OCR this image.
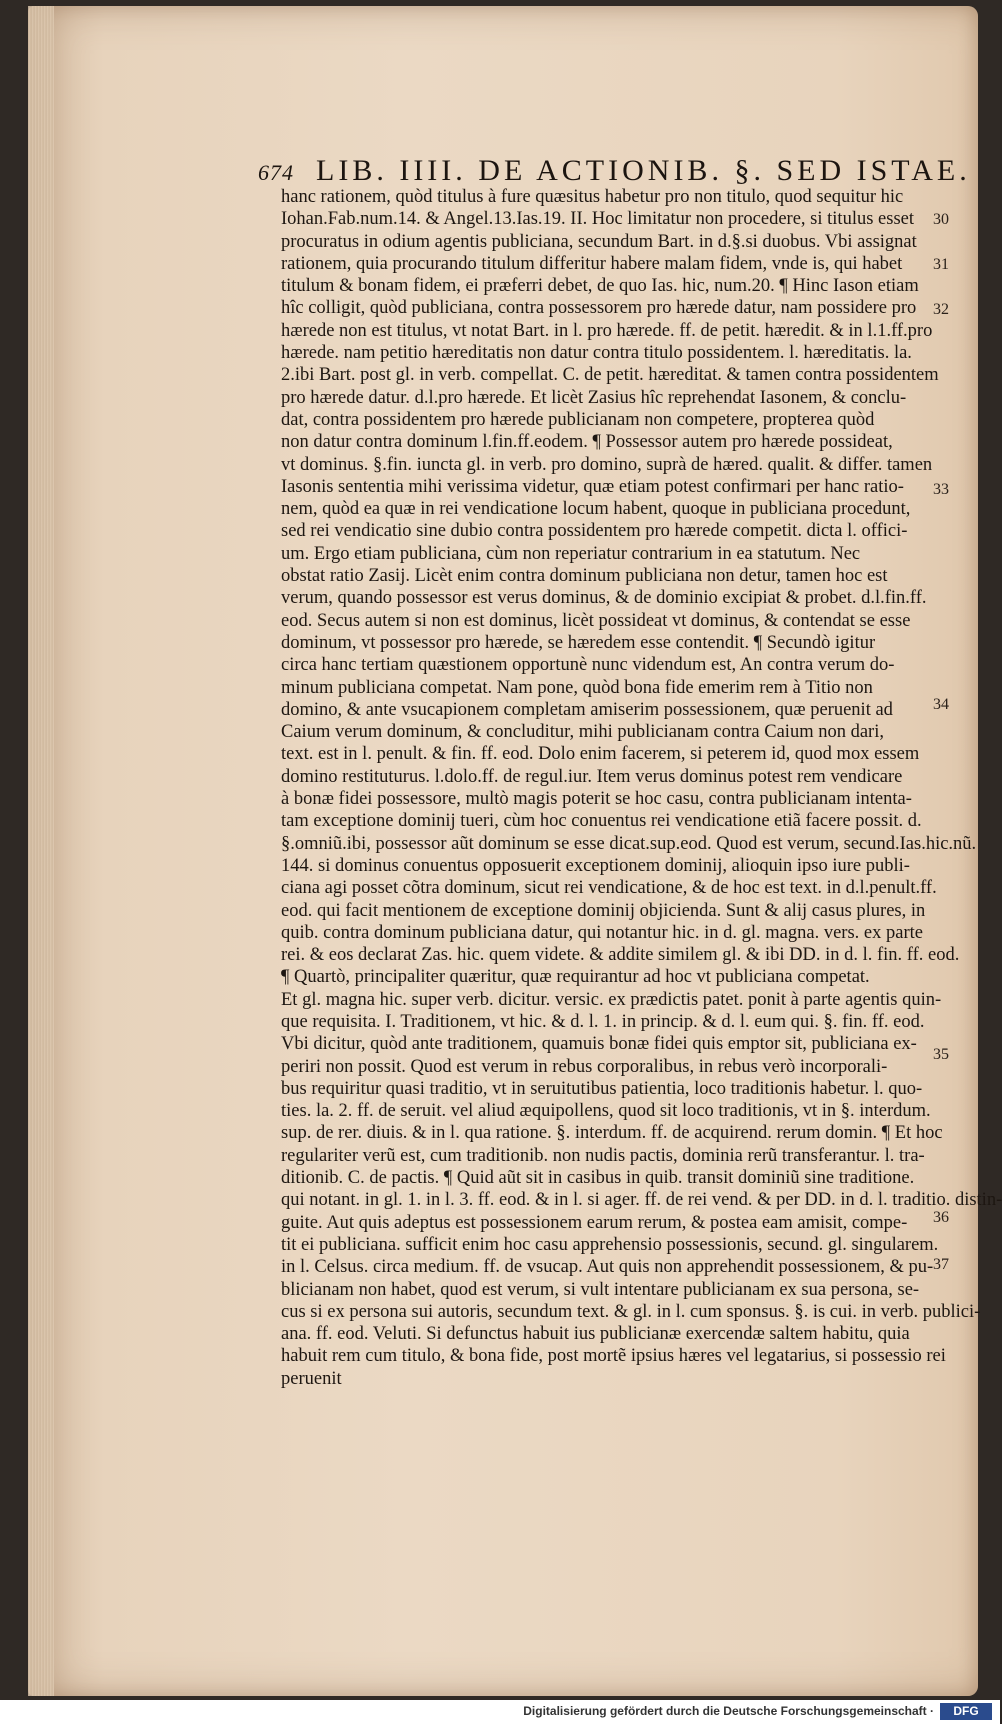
674 LIB. IIII. DE ACTIONIB. §. SED ISTAE.
hanc rationem, quòd titulus à fure quæsitus habetur pro non titulo, quod sequitur hic
Iohan.Fab.num.14. & Angel.13.Ias.19. II. Hoc limitatur non procedere, si titulus esset
procuratus in odium agentis publiciana, secundum Bart. in d.§.si duobus. Vbi assignat
rationem, quia procurando titulum differitur habere malam fidem, vnde is, qui habet
titulum & bonam fidem, ei præferri debet, de quo Ias. hic, num.20. ¶ Hinc Iason etiam
hîc colligit, quòd publiciana, contra possessorem pro hærede datur, nam possidere pro
hærede non est titulus, vt notat Bart. in l. pro hærede. ff. de petit. hæredit. & in l.1.ff.pro
hærede. nam petitio hæreditatis non datur contra titulo possidentem. l. hæreditatis. la.
2.ibi Bart. post gl. in verb. compellat. C. de petit. hæreditat. & tamen contra possidentem
pro hærede datur. d.l.pro hærede. Et licèt Zasius hîc reprehendat Iasonem, & conclu-
dat, contra possidentem pro hærede publicianam non competere, propterea quòd
non datur contra dominum l.fin.ff.eodem. ¶ Possessor autem pro hærede possideat,
vt dominus. §.fin. iuncta gl. in verb. pro domino, suprà de hæred. qualit. & differ. tamen
Iasonis sententia mihi verissima videtur, quæ etiam potest confirmari per hanc ratio-
nem, quòd ea quæ in rei vendicatione locum habent, quoque in publiciana procedunt,
sed rei vendicatio sine dubio contra possidentem pro hærede competit. dicta l. offici-
um. Ergo etiam publiciana, cùm non reperiatur contrarium in ea statutum. Nec
obstat ratio Zasij. Licèt enim contra dominum publiciana non detur, tamen hoc est
verum, quando possessor est verus dominus, & de dominio excipiat & probet. d.l.fin.ff.
eod. Secus autem si non est dominus, licèt possideat vt dominus, & contendat se esse
dominum, vt possessor pro hærede, se hæredem esse contendit. ¶ Secundò igitur
circa hanc tertiam quæstionem opportunè nunc videndum est, An contra verum do-
minum publiciana competat. Nam pone, quòd bona fide emerim rem à Titio non
domino, & ante vsucapionem completam amiserim possessionem, quæ peruenit ad
Caium verum dominum, & concluditur, mihi publicianam contra Caium non dari,
text. est in l. penult. & fin. ff. eod. Dolo enim facerem, si peterem id, quod mox essem
domino restituturus. l.dolo.ff. de regul.iur. Item verus dominus potest rem vendicare
à bonæ fidei possessore, multò magis poterit se hoc casu, contra publicianam intenta-
tam exceptione dominij tueri, cùm hoc conuentus rei vendicatione etiã facere possit. d.
§.omniũ.ibi, possessor aũt dominum se esse dicat.sup.eod. Quod est verum, secund.Ias.hic.nũ.
144. si dominus conuentus opposuerit exceptionem dominij, alioquin ipso iure publi-
ciana agi posset cõtra dominum, sicut rei vendicatione, & de hoc est text. in d.l.penult.ff.
eod. qui facit mentionem de exceptione dominij objicienda. Sunt & alij casus plures, in
quib. contra dominum publiciana datur, qui notantur hic. in d. gl. magna. vers. ex parte
rei. & eos declarat Zas. hic. quem videte. & addite similem gl. & ibi DD. in d. l. fin. ff. eod.
¶ Quartò, principaliter quæritur, quæ requirantur ad hoc vt publiciana competat.
Et gl. magna hic. super verb. dicitur. versic. ex prædictis patet. ponit à parte agentis quin-
que requisita. I. Traditionem, vt hic. & d. l. 1. in princip. & d. l. eum qui. §. fin. ff. eod.
Vbi dicitur, quòd ante traditionem, quamuis bonæ fidei quis emptor sit, publiciana ex-
periri non possit. Quod est verum in rebus corporalibus, in rebus verò incorporali-
bus requiritur quasi traditio, vt in seruitutibus patientia, loco traditionis habetur. l. quo-
ties. la. 2. ff. de seruit. vel aliud æquipollens, quod sit loco traditionis, vt in §. interdum.
sup. de rer. diuis. & in l. qua ratione. §. interdum. ff. de acquirend. rerum domin. ¶ Et hoc
regulariter verũ est, cum traditionib. non nudis pactis, dominia rerũ transferantur. l. tra-
ditionib. C. de pactis. ¶ Quid aũt sit in casibus in quib. transit dominiũ sine traditione.
qui notant. in gl. 1. in l. 3. ff. eod. & in l. si ager. ff. de rei vend. & per DD. in d. l. traditio. distin-
guite. Aut quis adeptus est possessionem earum rerum, & postea eam amisit, compe-
tit ei publiciana. sufficit enim hoc casu apprehensio possessionis, secund. gl. singularem.
in l. Celsus. circa medium. ff. de vsucap. Aut quis non apprehendit possessionem, & pu-
blicianam non habet, quod est verum, si vult intentare publicianam ex sua persona, se-
cus si ex persona sui autoris, secundum text. & gl. in l. cum sponsus. §. is cui. in verb. publici-
ana. ff. eod. Veluti. Si defunctus habuit ius publicianæ exercendæ saltem habitu, quia
habuit rem cum titulo, & bona fide, post mortẽ ipsius hæres vel legatarius, si possessio rei
peruenit
30
31
32
33
34
35
36
37
Digitalisierung gefördert durch die Deutsche Forschungsgemeinschaft ·	DFG
